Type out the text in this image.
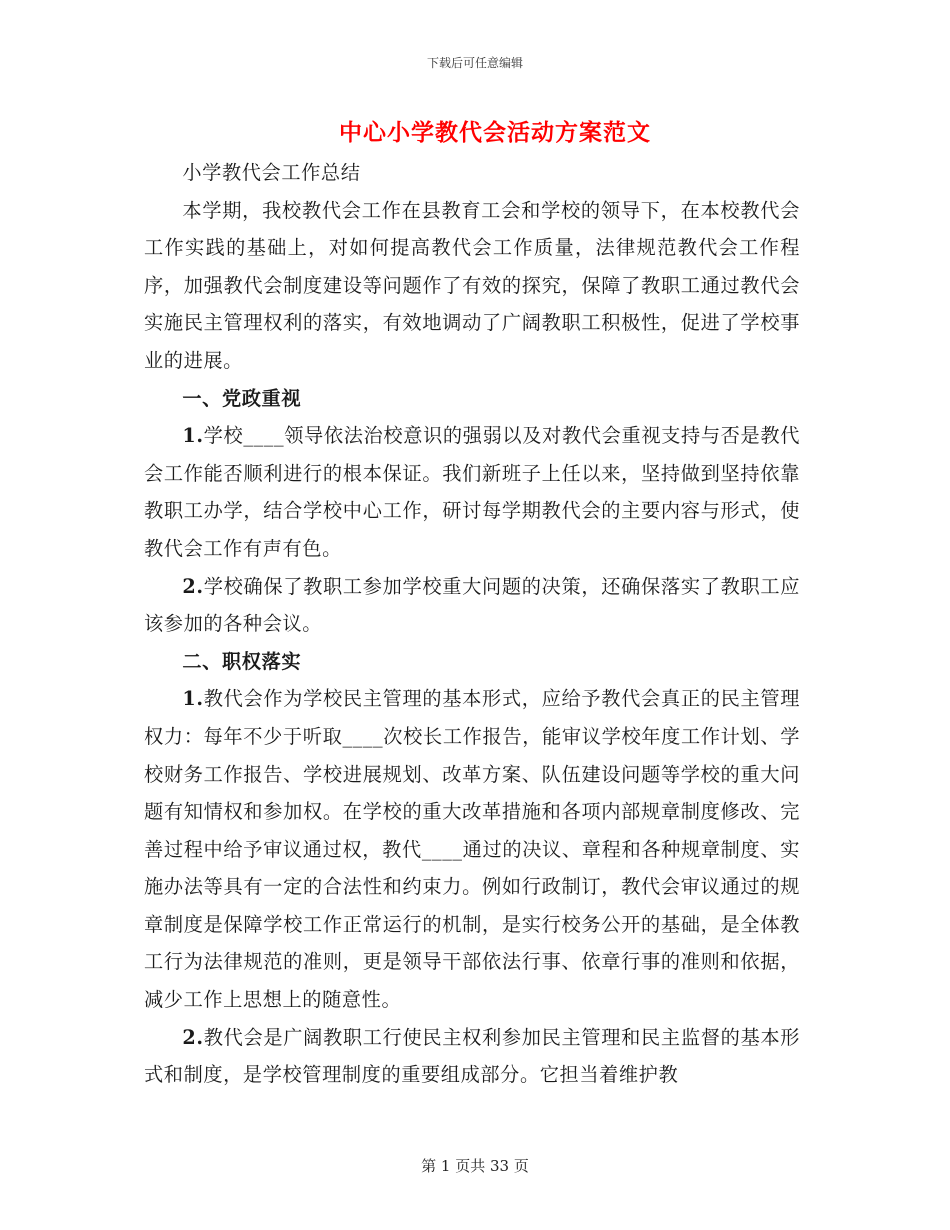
下载后可任意编辑
中心小学教代会活动方案范文

小学教代会工作总结

本学期，我校教代会工作在县教育工会和学校的领导下，在本校教代会工作实践的基础上，对如何提高教代会工作质量，法律规范教代会工作程序，加强教代会制度建设等问题作了有效的探究，保障了教职工通过教代会实施民主管理权利的落实，有效地调动了广阔教职工积极性，促进了学校事业的进展。

一、党政重视

1.学校____领导依法治校意识的强弱以及对教代会重视支持与否是教代会工作能否顺利进行的根本保证。我们新班子上任以来，坚持做到坚持依靠教职工办学，结合学校中心工作，研讨每学期教代会的主要内容与形式，使教代会工作有声有色。

2.学校确保了教职工参加学校重大问题的决策，还确保落实了教职工应该参加的各种会议。

二、职权落实

1.教代会作为学校民主管理的基本形式，应给予教代会真正的民主管理权力：每年不少于听取____次校长工作报告，能审议学校年度工作计划、学校财务工作报告、学校进展规划、改革方案、队伍建设问题等学校的重大问题有知情权和参加权。在学校的重大改革措施和各项内部规章制度修改、完善过程中给予审议通过权，教代____通过的决议、章程和各种规章制度、实施办法等具有一定的合法性和约束力。例如行政制订，教代会审议通过的规章制度是保障学校工作正常运行的机制，是实行校务公开的基础，是全体教工行为法律规范的准则，更是领导干部依法行事、依章行事的准则和依据，减少工作上思想上的随意性。

2.教代会是广阔教职工行使民主权利参加民主管理和民主监督的基本形式和制度，是学校管理制度的重要组成部分。它担当着维护教

第 1 页共 33 页
